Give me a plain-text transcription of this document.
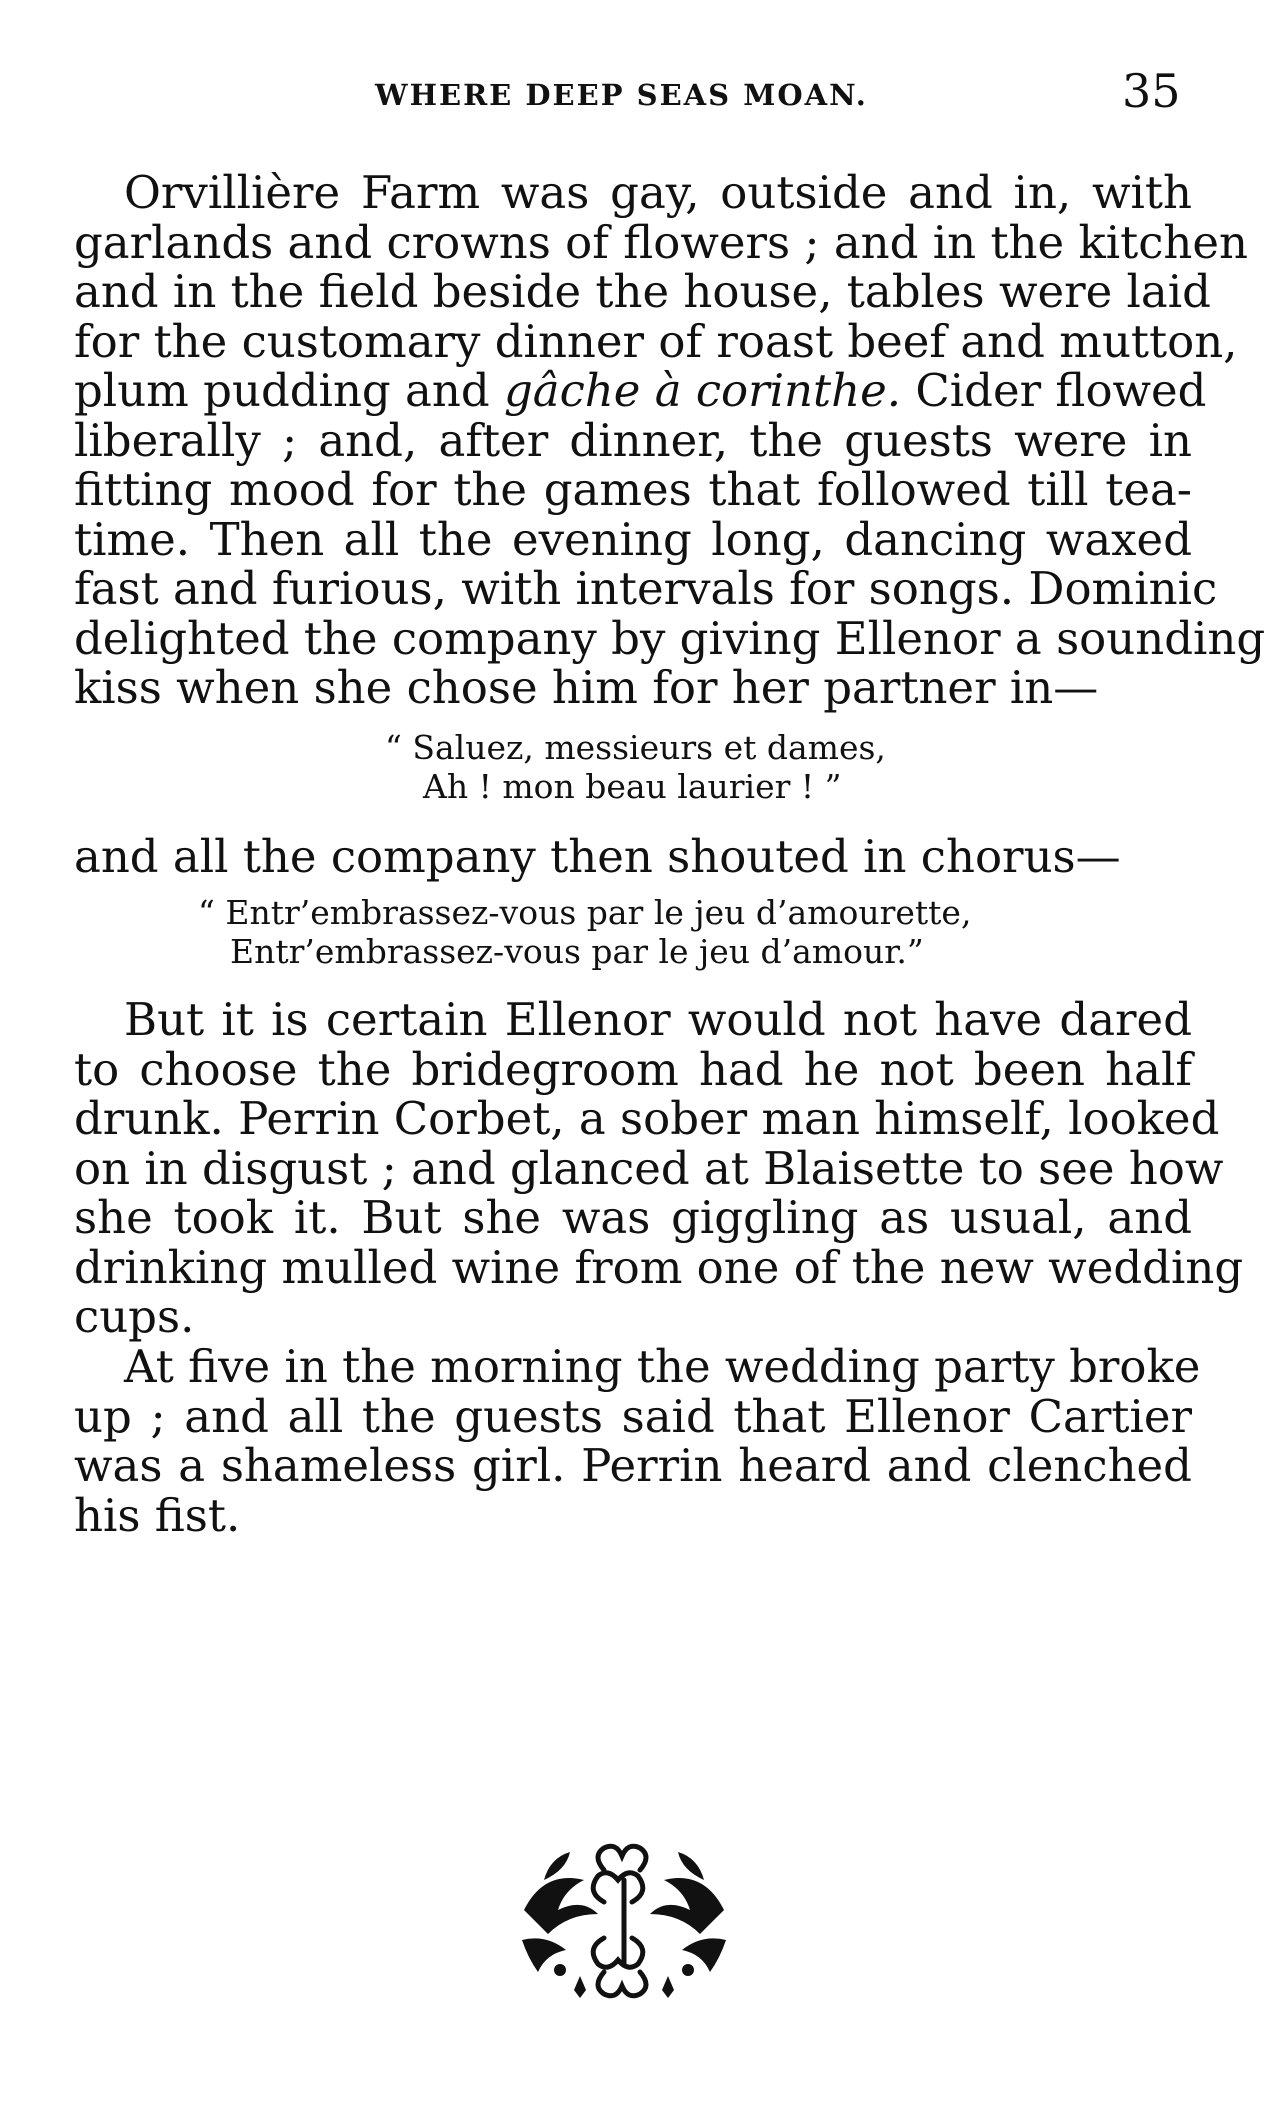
WHERE DEEP SEAS MOAN.	35
Orvillière Farm was gay, outside and in, with
garlands and crowns of flowers ; and in the kitchen
and in the field beside the house, tables were laid
for the customary dinner of roast beef and mutton,
plum pudding and gâche à corinthe. Cider flowed
liberally ; and, after dinner, the guests were in
fitting mood for the games that followed till tea-
time. Then all the evening long, dancing waxed
fast and furious, with intervals for songs. Dominic
delighted the company by giving Ellenor a sounding
kiss when she chose him for her partner in—
“ Saluez, messieurs et dames,
Ah ! mon beau laurier ! ”
and all the company then shouted in chorus—
“ Entr’embrassez-vous par le jeu d’amourette,
Entr’embrassez-vous par le jeu d’amour.”
But it is certain Ellenor would not have dared
to choose the bridegroom had he not been half
drunk. Perrin Corbet, a sober man himself, looked
on in disgust ; and glanced at Blaisette to see how
she took it. But she was giggling as usual, and
drinking mulled wine from one of the new wedding
cups.
At five in the morning the wedding party broke
up ; and all the guests said that Ellenor Cartier
was a shameless girl. Perrin heard and clenched
his fist.
